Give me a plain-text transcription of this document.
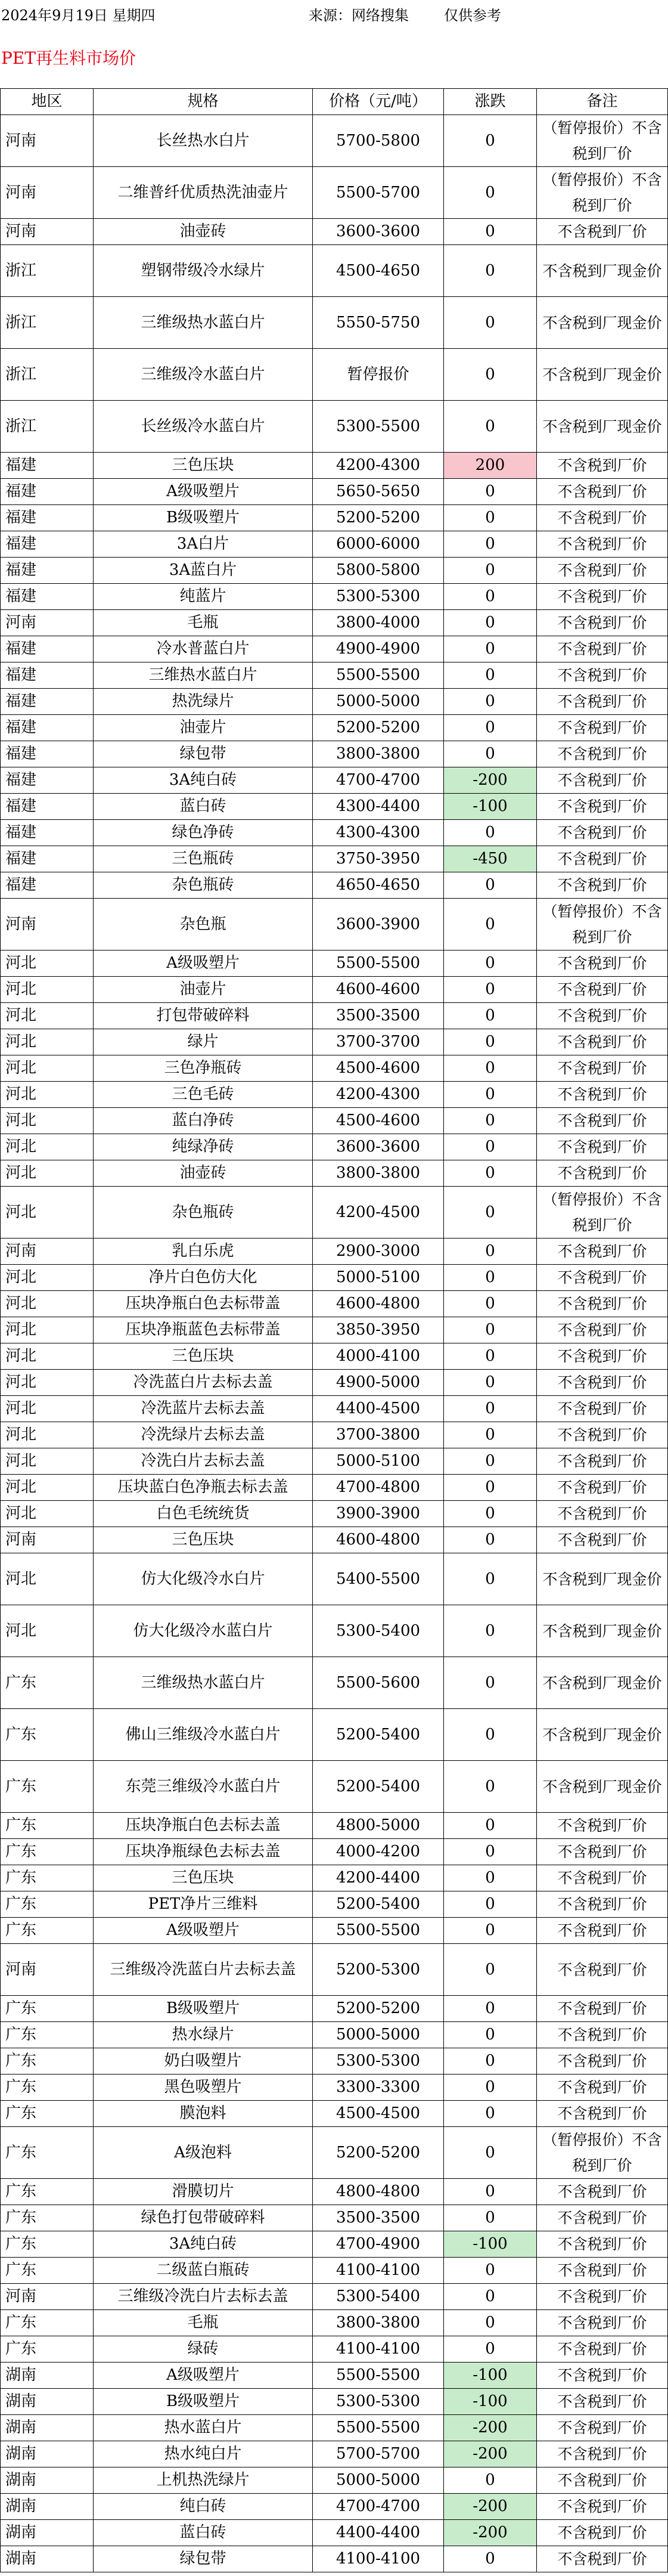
2024年9月19日 星期四	来源：网络搜集 仅供参考
PET再生料市场价
地区	规格	价格（元/吨）	涨跌	备注
河南	长丝热水白片	5700-5800	0	（暂停报价）不含税到厂价
河南	二维普纤优质热洗油壶片	5500-5700	0	（暂停报价）不含税到厂价
河南	油壶砖	3600-3600	0	不含税到厂价
浙江	塑钢带级冷水绿片	4500-4650	0	不含税到厂现金价
浙江	三维级热水蓝白片	5550-5750	0	不含税到厂现金价
浙江	三维级冷水蓝白片	暂停报价	0	不含税到厂现金价
浙江	长丝级冷水蓝白片	5300-5500	0	不含税到厂现金价
福建	三色压块	4200-4300	200	不含税到厂价
福建	A级吸塑片	5650-5650	0	不含税到厂价
福建	B级吸塑片	5200-5200	0	不含税到厂价
福建	3A白片	6000-6000	0	不含税到厂价
福建	3A蓝白片	5800-5800	0	不含税到厂价
福建	纯蓝片	5300-5300	0	不含税到厂价
河南	毛瓶	3800-4000	0	不含税到厂价
福建	冷水普蓝白片	4900-4900	0	不含税到厂价
福建	三维热水蓝白片	5500-5500	0	不含税到厂价
福建	热洗绿片	5000-5000	0	不含税到厂价
福建	油壶片	5200-5200	0	不含税到厂价
福建	绿包带	3800-3800	0	不含税到厂价
福建	3A纯白砖	4700-4700	-200	不含税到厂价
福建	蓝白砖	4300-4400	-100	不含税到厂价
福建	绿色净砖	4300-4300	0	不含税到厂价
福建	三色瓶砖	3750-3950	-450	不含税到厂价
福建	杂色瓶砖	4650-4650	0	不含税到厂价
河南	杂色瓶	3600-3900	0	（暂停报价）不含税到厂价
河北	A级吸塑片	5500-5500	0	不含税到厂价
河北	油壶片	4600-4600	0	不含税到厂价
河北	打包带破碎料	3500-3500	0	不含税到厂价
河北	绿片	3700-3700	0	不含税到厂价
河北	三色净瓶砖	4500-4600	0	不含税到厂价
河北	三色毛砖	4200-4300	0	不含税到厂价
河北	蓝白净砖	4500-4600	0	不含税到厂价
河北	纯绿净砖	3600-3600	0	不含税到厂价
河北	油壶砖	3800-3800	0	不含税到厂价
河北	杂色瓶砖	4200-4500	0	（暂停报价）不含税到厂价
河南	乳白乐虎	2900-3000	0	不含税到厂价
河北	净片白色仿大化	5000-5100	0	不含税到厂价
河北	压块净瓶白色去标带盖	4600-4800	0	不含税到厂价
河北	压块净瓶蓝色去标带盖	3850-3950	0	不含税到厂价
河北	三色压块	4000-4100	0	不含税到厂价
河北	冷洗蓝白片去标去盖	4900-5000	0	不含税到厂价
河北	冷洗蓝片去标去盖	4400-4500	0	不含税到厂价
河北	冷洗绿片去标去盖	3700-3800	0	不含税到厂价
河北	冷洗白片去标去盖	5000-5100	0	不含税到厂价
河北	压块蓝白色净瓶去标去盖	4700-4800	0	不含税到厂价
河北	白色毛统统货	3900-3900	0	不含税到厂价
河南	三色压块	4600-4800	0	不含税到厂价
河北	仿大化级冷水白片	5400-5500	0	不含税到厂现金价
河北	仿大化级冷水蓝白片	5300-5400	0	不含税到厂现金价
广东	三维级热水蓝白片	5500-5600	0	不含税到厂现金价
广东	佛山三维级冷水蓝白片	5200-5400	0	不含税到厂现金价
广东	东莞三维级冷水蓝白片	5200-5400	0	不含税到厂现金价
广东	压块净瓶白色去标去盖	4800-5000	0	不含税到厂价
广东	压块净瓶绿色去标去盖	4000-4200	0	不含税到厂价
广东	三色压块	4200-4400	0	不含税到厂价
广东	PET净片三维料	5200-5400	0	不含税到厂价
广东	A级吸塑片	5500-5500	0	不含税到厂价
河南	三维级冷洗蓝白片去标去盖	5200-5300	0	不含税到厂价
广东	B级吸塑片	5200-5200	0	不含税到厂价
广东	热水绿片	5000-5000	0	不含税到厂价
广东	奶白吸塑片	5300-5300	0	不含税到厂价
广东	黑色吸塑片	3300-3300	0	不含税到厂价
广东	膜泡料	4500-4500	0	不含税到厂价
广东	A级泡料	5200-5200	0	（暂停报价）不含税到厂价
广东	滑膜切片	4800-4800	0	不含税到厂价
广东	绿色打包带破碎料	3500-3500	0	不含税到厂价
广东	3A纯白砖	4700-4900	-100	不含税到厂价
广东	二级蓝白瓶砖	4100-4100	0	不含税到厂价
河南	三维级冷洗白片去标去盖	5300-5400	0	不含税到厂价
广东	毛瓶	3800-3800	0	不含税到厂价
广东	绿砖	4100-4100	0	不含税到厂价
湖南	A级吸塑片	5500-5500	-100	不含税到厂价
湖南	B级吸塑片	5300-5300	-100	不含税到厂价
湖南	热水蓝白片	5500-5500	-200	不含税到厂价
湖南	热水纯白片	5700-5700	-200	不含税到厂价
湖南	上机热洗绿片	5000-5000	0	不含税到厂价
湖南	纯白砖	4700-4700	-200	不含税到厂价
湖南	蓝白砖	4400-4400	-200	不含税到厂价
湖南	绿包带	4100-4100	0	不含税到厂价
